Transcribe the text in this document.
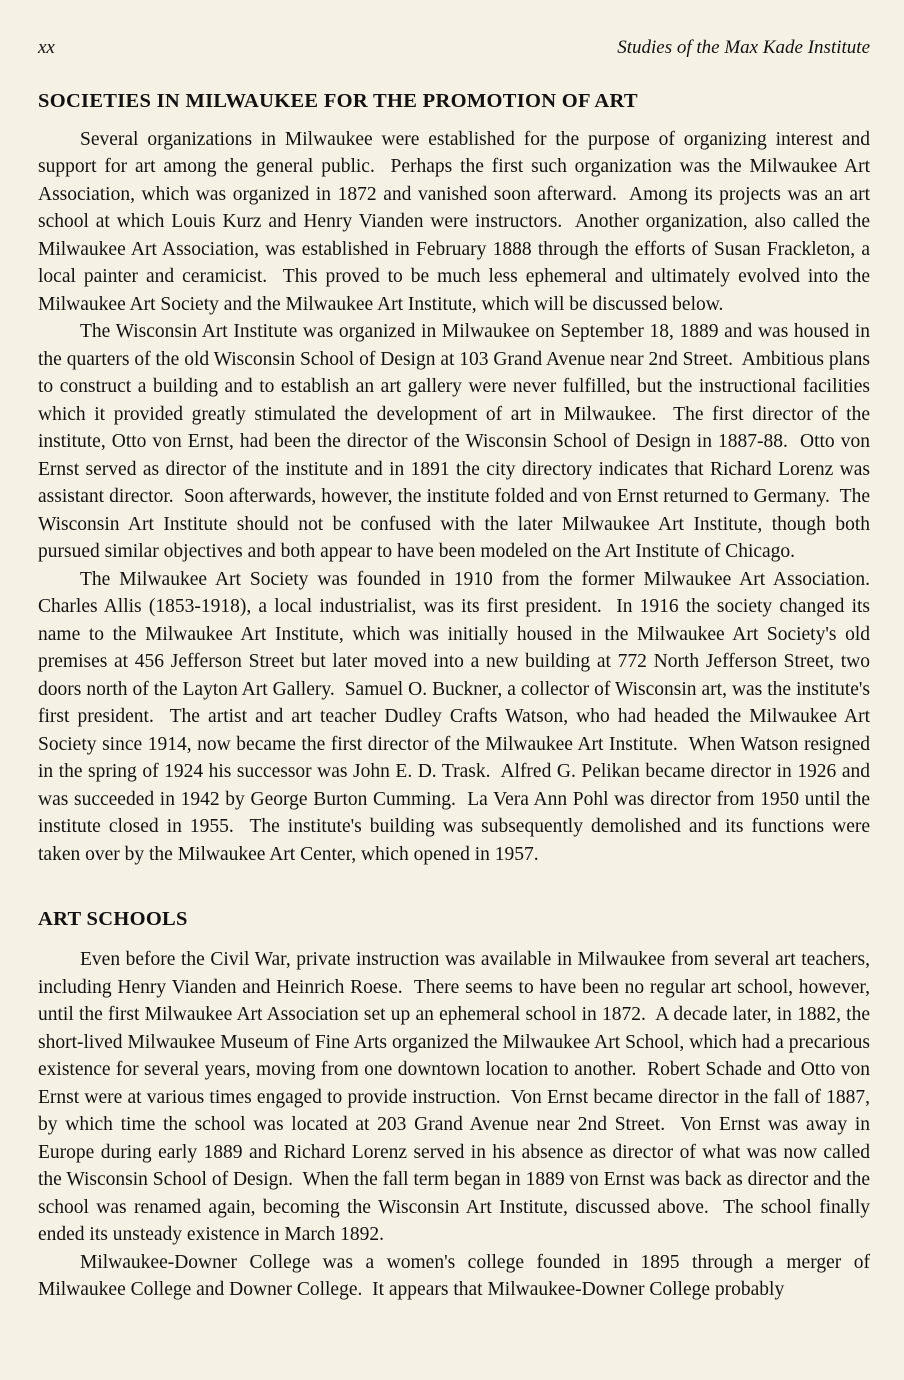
xx	Studies of the Max Kade Institute
SOCIETIES IN MILWAUKEE FOR THE PROMOTION OF ART

Several organizations in Milwaukee were established for the purpose of organizing interest and support for art among the general public.  Perhaps the first such organization was the Milwaukee Art Association, which was organized in 1872 and vanished soon afterward.  Among its projects was an art school at which Louis Kurz and Henry Vianden were instructors.  Another organization, also called the Milwaukee Art Association, was established in February 1888 through the efforts of Susan Frackleton, a local painter and ceramicist.  This proved to be much less ephemeral and ultimately evolved into the Milwaukee Art Society and the Milwaukee Art Institute, which will be discussed below.

The Wisconsin Art Institute was organized in Milwaukee on September 18, 1889 and was housed in the quarters of the old Wisconsin School of Design at 103 Grand Avenue near 2nd Street.  Ambitious plans to construct a building and to establish an art gallery were never fulfilled, but the instructional facilities which it provided greatly stimulated the development of art in Milwaukee.  The first director of the institute, Otto von Ernst, had been the director of the Wisconsin School of Design in 1887-88.  Otto von Ernst served as director of the institute and in 1891 the city directory indicates that Richard Lorenz was assistant director.  Soon afterwards, however, the institute folded and von Ernst returned to Germany.  The Wisconsin Art Institute should not be confused with the later Milwaukee Art Institute, though both pursued similar objectives and both appear to have been modeled on the Art Institute of Chicago.

The Milwaukee Art Society was founded in 1910 from the former Milwaukee Art Association.  Charles Allis (1853-1918), a local industrialist, was its first president.  In 1916 the society changed its name to the Milwaukee Art Institute, which was initially housed in the Milwaukee Art Society's old premises at 456 Jefferson Street but later moved into a new building at 772 North Jefferson Street, two doors north of the Layton Art Gallery.  Samuel O. Buckner, a collector of Wisconsin art, was the institute's first president.  The artist and art teacher Dudley Crafts Watson, who had headed the Milwaukee Art Society since 1914, now became the first director of the Milwaukee Art Institute.  When Watson resigned in the spring of 1924 his successor was John E. D. Trask.  Alfred G. Pelikan became director in 1926 and was succeeded in 1942 by George Burton Cumming.  La Vera Ann Pohl was director from 1950 until the institute closed in 1955.  The institute's building was subsequently demolished and its functions were taken over by the Milwaukee Art Center, which opened in 1957.

ART SCHOOLS

Even before the Civil War, private instruction was available in Milwaukee from several art teachers, including Henry Vianden and Heinrich Roese.  There seems to have been no regular art school, however, until the first Milwaukee Art Association set up an ephemeral school in 1872.  A decade later, in 1882, the short-lived Milwaukee Museum of Fine Arts organized the Milwaukee Art School, which had a precarious existence for several years, moving from one downtown location to another.  Robert Schade and Otto von Ernst were at various times engaged to provide instruction.  Von Ernst became director in the fall of 1887, by which time the school was located at 203 Grand Avenue near 2nd Street.  Von Ernst was away in Europe during early 1889 and Richard Lorenz served in his absence as director of what was now called the Wisconsin School of Design.  When the fall term began in 1889 von Ernst was back as director and the school was renamed again, becoming the Wisconsin Art Institute, discussed above.  The school finally ended its unsteady existence in March 1892.

Milwaukee-Downer College was a women's college founded in 1895 through a merger of Milwaukee College and Downer College.  It appears that Milwaukee-Downer College probably
